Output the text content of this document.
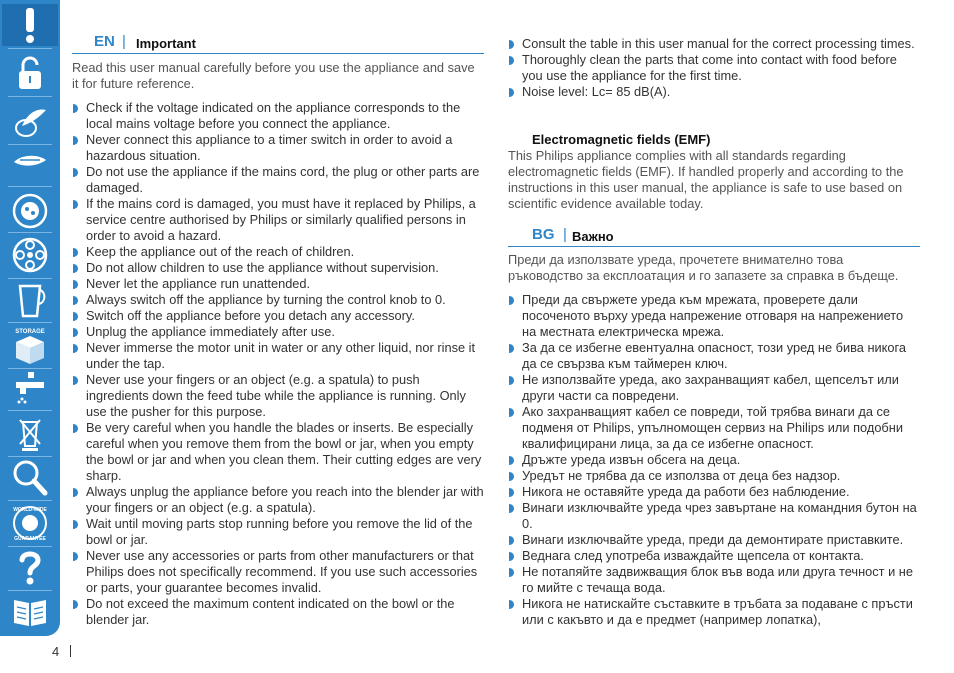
STORAGE
WORLD-WIDE
GUARANTEE
EN | Important
Read this user manual carefully before you use the appliance and save it for future reference.
Check if the voltage indicated on the appliance corresponds to the local mains voltage before you connect the appliance.
Never connect this appliance to a timer switch in order to avoid a hazardous situation.
Do not use the appliance if the mains cord, the plug or other parts are damaged.
If the mains cord is damaged, you must have it replaced by Philips, a service centre authorised by Philips or similarly qualified persons in order to avoid a hazard.
Keep the appliance out of the reach of children.
Do not allow children to use the appliance without supervision.
Never let the appliance run unattended.
Always switch off the appliance by turning the control knob to 0.
Switch off the appliance before you detach any accessory.
Unplug the appliance immediately after use.
Never immerse the motor unit in water or any other liquid, nor rinse it under the tap.
Never use your fingers or an object (e.g. a spatula) to push ingredients down the feed tube while the appliance is running. Only use the pusher for this purpose.
Be very careful when you handle the blades or inserts. Be especially careful when you remove them from the bowl or jar, when you empty the bowl or jar and when you clean them. Their cutting edges are very sharp.
Always unplug the appliance before you reach into the blender jar with your fingers or an object (e.g. a spatula).
Wait until moving parts stop running before you remove the lid of the bowl or jar.
Never use any accessories or parts from other manufacturers or that Philips does not specifically recommend. If you use such accessories or parts, your guarantee becomes invalid.
Do not exceed the maximum content indicated on the bowl or the blender jar.
Consult the table in this user manual for the correct processing times.
Thoroughly clean the parts that come into contact with food before you use the appliance for the first time.
Noise level: Lc= 85 dB(A).
Electromagnetic fields (EMF)
This Philips appliance complies with all standards regarding electromagnetic fields (EMF). If handled properly and according to the instructions in this user manual, the appliance is safe to use based on scientific evidence available today.
BG | Важно
Преди да използвате уреда, прочетете внимателно това ръководство за експлоатация и го запазете за справка в бъдеще.
Преди да свържете уреда към мрежата, проверете дали посоченото върху уреда напрежение отговаря на напрежението на местната електрическа мрежа.
За да се избегне евентуална опасност, този уред не бива никога да се свързва към таймерен ключ.
Не използвайте уреда, ако захранващият кабел, щепселът или други части са повредени.
Ако захранващият кабел се повреди, той трябва винаги да се подменя от Philips, упълномощен сервиз на Philips или подобни квалифицирани лица, за да се избегне опасност.
Дръжте уреда извън обсега на деца.
Уредът не трябва да се използва от деца без надзор.
Никога не оставяйте уреда да работи без наблюдение.
Винаги изключвайте уреда чрез завъртане на командния бутон на 0.
Винаги изключвайте уреда, преди да демонтирате приставките.
Веднага след употреба изваждайте щепсела от контакта.
Не потапяйте задвижващия блок във вода или друга течност и не го мийте с течаща вода.
Никога не натискайте съставките в тръбата за подаване с пръсти или с какъвто и да е предмет (например лопатка),
4
